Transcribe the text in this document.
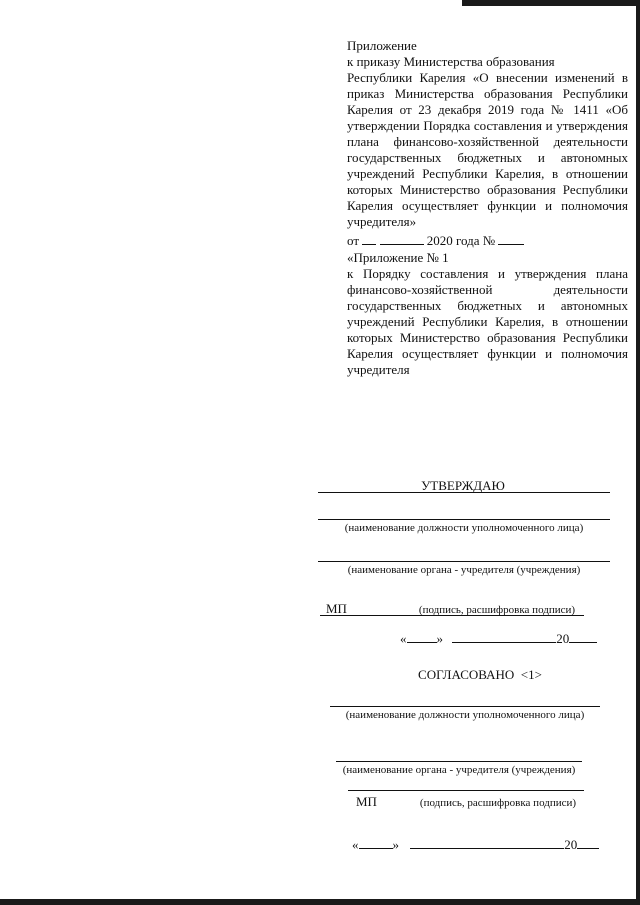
Приложение

к приказу Министерства образования

Республики Карелия «О внесении изменений в приказ Министерства образования Республики Карелия от 23 декабря 2019 года № 1411 «Об утверждении Порядка составления и утверждения плана финансово-хозяйственной деятельности государственных бюджетных и автономных учреждений Республики Карелия, в отношении которых Министерство образования Республики Карелия осуществляет функции и полномочия учредителя»

от	2020 года №

«Приложение № 1

к Порядку составления и утверждения плана финансово-хозяйственной деятельности государственных бюджетных и автономных учреждений Республики Карелия, в отношении которых Министерство образования Республики Карелия осуществляет функции и полномочия учредителя

УТВЕРЖДАЮ
(наименование должности уполномоченного лица)
(наименование органа - учредителя (учреждения)
МП	(подпись, расшифровка подписи)
« »	20
СОГЛАСОВАНО <1>
(наименование должности уполномоченного лица)
(наименование органа - учредителя (учреждения)
МП	(подпись, расшифровка подписи)
«	»	20
